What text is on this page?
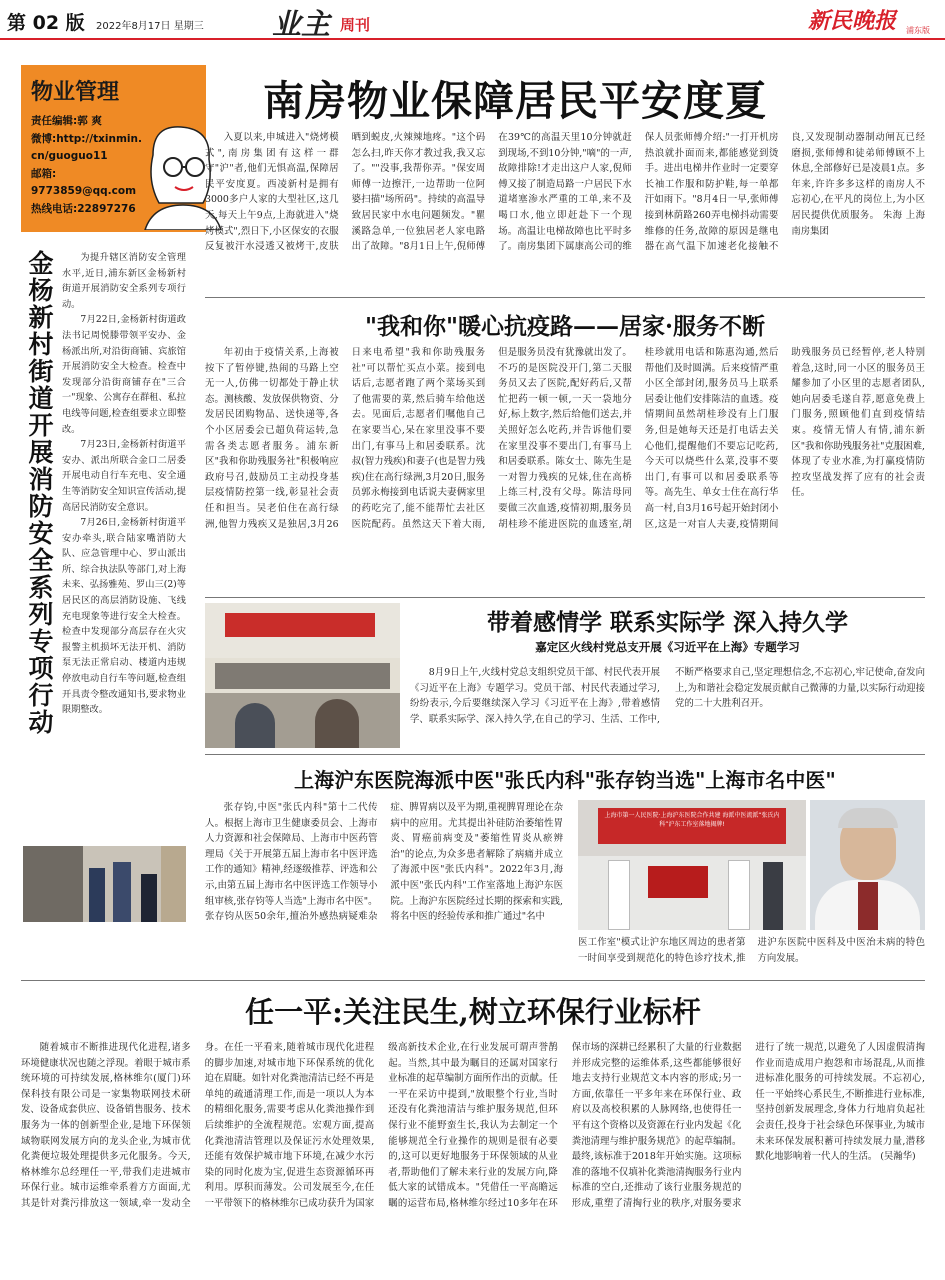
第 02 版 2022年8月17日 星期三 业主 周刊	新民晚报 浦东版
物业管理
责任编辑:郭 爽
微博:http://txinmin.
cn/guoguo11
邮箱:
9773859@qq.com
热线电话:22897276
金杨新村街道开展消防安全系列专项行动

为提升辖区消防安全管理水平,近日,浦东新区金杨新村街道开展消防安全系列专项行动。

7月22日,金杨新村街道政法书记周悦滕带领平安办、金杨派出所,对沿街商铺、宾旅馆开展消防安全大检查。检查中发现部分沿街商铺存在"三合一"现象、公寓存在群租、私拉电线等问题,检查组要求立即整改。

7月23日,金杨新村街道平安办、派出所联合金口二居委开展电动自行车充电、安全通生等消防安全知识宣传活动,提高居民消防安全意识。

7月26日,金杨新村街道平安办牵头,联合陆家嘴消防大队、应急管理中心、罗山派出所、综合执法队等部门,对上海未来、弘扬雅苑、罗山三(2)等居民区的高层消防设施、飞线充电现象等进行安全大检查。检查中发现部分高层存在火灾报警主机损坏无法开机、消防泵无法正常启动、楼道内违规停放电动自行车等问题,检查组开具责令整改通知书,要求物业限期整改。

南房物业保障居民平安度夏
入夏以来,申城进入"烧烤模式",南房集团有这样一群守"沪"者,他们无惧高温,保障居民平安度夏。西凌新村是拥有3000多户人家的大型社区,这几天,每天上午9点,上海就进入"烧烤模式",烈日下,小区保安的衣服反复被汗水浸透又被烤干,皮肤晒到蜕皮,火辣辣地疼。"这个码怎么扫,昨天你才教过我,我又忘了。""没事,我帮你弄。"保安周师傅一边擦汗,一边帮助一位阿婆扫描"场所码"。持续的高温导致居民家中水电问题频发。"瞿溪路急单,一位独居老人家电路出了故障。"8月1日上午,倪师傅在39℃的高温天里10分钟就赶到现场,不到10分钟,"嘀"的一声,故障排除!才走出这户人家,倪师傅又接了制造局路一户居民下水道堵塞渗水严重的工单,来不及喝口水,他立即赶赴下一个现场。高温让电梯故障也比平时多了。南房集团下属康高公司的维保人员张师傅介绍:"一打开机房热浪就扑面而来,都能感觉到烫手。进出电梯井作业时一定要穿长袖工作服和防护鞋,每一单都汗如雨下。"8月4日一早,张师傅接到林荫路260弄电梯抖动需要维修的任务,故障的原因是继电器在高气温下加速老化接触不良,又发现制动器制动闸瓦已经磨损,张师傅和徒弟师傅顾不上休息,全部修好已是凌晨1点。多年来,许许多多这样的南房人不忘初心,在平凡的岗位上,为小区居民提供优质服务。 朱海 上海南房集团
"我和你"暖心抗疫路——居家·服务不断
年初由于疫情关系,上海被按下了暂停键,热闹的马路上空无一人,仿佛一切都处于静止状态。测核酸、发放保供物资、分发居民团购物品、送快递等,各个小区居委会已超负荷运转,急需各类志愿者服务。浦东新区"我和你助残服务社"积极响应政府号召,鼓励员工主动投身基层疫情防控第一线,彰显社会责任和担当。吴老伯住在高行绿洲,他智力残疾又是独居,3月26日来电希望"我和你助残服务社"可以帮忙买点小菜。接到电话后,志愿者跑了两个菜场买到了他需要的菜,然后骑车给他送去。见面后,志愿者们嘱他自己在家要当心,呆在家里没事不要出门,有事马上和居委联系。沈叔(智力残疾)和妻子(也是智力残疾)住在高行绿洲,3月20日,服务员郭永梅接到电话说夫妻俩家里的药吃完了,能不能帮忙去社区医院配药。虽然这天下着大雨,但是服务员没有犹豫就出发了。不巧的是医院没开门,第二天服务员又去了医院,配好药后,又帮忙把药一顿一顿,一天一袋地分好,标上数字,然后给他们送去,并关照好怎么吃药,并告诉他们要在家里没事不要出门,有事马上和居委联系。陈女士、陈先生是一对智力残疾的兄妹,住在高桥上练三村,没有父母。陈洁母同要做三次血透,疫情初期,服务员胡桂珍不能进医院的血透室,胡桂珍就用电话和陈惠沟通,然后帮他们及时圆满。后来疫情严重小区全部封闭,服务员马上联系居委让他们安排陈洁的血透。疫情期间虽然胡桂珍没有上门服务,但是她每天还是打电话去关心他们,提醒他们不要忘记吃药,今天可以烧些什么菜,没事不要出门,有事可以和居委联系等等。高先生、单女士住在高行华高一村,自3月16号起开始封闭小区,这是一对盲人夫妻,疫情期间助残服务员已经暂停,老人特别着急,这时,同一小区的服务员王耀参加了小区里的志愿者团队,她向居委毛遂自荐,愿意免费上门服务,照顾他们直到疫情结束。疫情无情人有情,浦东新区"我和你助残服务社"克服困难,体现了专业水准,为打赢疫情防控攻坚战发挥了应有的社会责任。
带着感情学 联系实际学 深入持久学
嘉定区火线村党总支开展《习近平在上海》专题学习
8月9日上午,火线村党总支组织党员干部、村民代表开展《习近平在上海》专题学习。党员干部、村民代表通过学习,纷纷表示,今后要继续深入学习《习近平在上海》,带着感情学、联系实际学、深入持久学,在自己的学习、生活、工作中,不断严格要求自己,坚定理想信念,不忘初心,牢记使命,奋发向上,为和谐社会稳定发展贡献自己微薄的力量,以实际行动迎接党的二十大胜利召开。
上海沪东医院海派中医"张氏内科"张存钧当选"上海市名中医"
张存钧,中医"张氏内科"第十二代传人。根据上海市卫生健康委员会、上海市人力资源和社会保障局、上海市中医药管理局《关于开展第五届上海市名中医评选工作的通知》精神,经逐级推荐、评选和公示,由第五届上海市名中医评选工作领导小组审核,张存钧等人当选"上海市名中医"。张存钧从医50余年,擅治外感热病疑难杂症、脾胃病以及平为期,重视脾胃理论在杂病中的应用。尤其提出补硅防治萎缩性胃炎、胃癌前病变及"萎缩性胃炎从瘀辨治"的论点,为众多患者解除了病痛并成立了海派中医"张氏内科"。2022年3月,海派中医"张氏内科"工作室落地上海沪东医院。上海沪东医院经过长期的探索和实践,将名中医的经验传承和推广通过"名中
上海市第一人民医院·上海沪东医院合作共建 海派中医流派“张氏内科”沪东工作室落地揭牌!
医工作室"模式让沪东地区周边的患者第一时间享受到规范化的特色诊疗技术,推进沪东医院中医科及中医治未病的特色方向发展。
任一平:关注民生,树立环保行业标杆
随着城市不断推进现代化进程,诸多环境健康状况也随之浮现。着眼于城市系统环境的可持续发展,格林维尔(厦门)环保科技有限公司是一家集物联网技术研发、设备成套供应、设备销售服务、技术服务为一体的创新型企业,是地下环保领域物联网发展方向的龙头企业,为城市优化粪便垃圾处理提供多元化服务。今天,格林维尔总经理任一平,带我们走进城市环保行业。城市运维牵系着方方面面,尤其是针对粪污排放这一领域,牵一发动全身。在任一平看来,随着城市现代化进程的脚步加速,对城市地下环保系统的优化迫在眉睫。如针对化粪池清洁已经不再是单纯的疏通清理工作,而是一项以人为本的精细化服务,需要考虑从化粪池操作到后续维护的全流程规范。宏观方面,提高化粪池清洁管理以及保证污水处理效果,还能有效保护城市地下环境,在减少水污染的同时化废为宝,促进生态资源循环再利用。厚积而薄发。公司发展至今,在任一平带领下的格林维尔已成功获升为国家级高新技术企业,在行业发展可谓声誉鹊起。当然,其中最为瞩目的还属对国家行业标准的起草编制方面所作出的贡献。任一平在采访中提到,"放眼整个行业,当时还没有化粪池清洁与维护服务规范,但环保行业不能野蛮生长,我认为去制定一个能够规范全行业操作的规则是很有必要的,这可以更好地服务于环保领域的从业者,帮助他们了解未来行业的发展方向,降低大家的试错成本。"凭借任一平高瞻远瞩的运营布局,格林维尔经过10多年在环保市场的深耕已经累积了大量的行业数据并形成完整的运维体系,这些都能够很好地去支持行业规范文本内容的形成;另一方面,依靠任一平多年来在环保行业、政府以及高校积累的人脉网络,也使得任一平有这个资格以及资源在行业内发起《化粪池清理与维护服务规范》的起草编制。最终,该标准于2018年开始实施。这项标准的落地不仅填补化粪池清掏服务行业内标准的空白,还推动了该行业服务规范的形成,重塑了清掏行业的秩序,对服务要求进行了统一规范,以避免了人因虚假清掏作业而造成用户抱怨和市场混乱,从而推进标准化服务的可持续发展。不忘初心,任一平始终心系民生,不断推进行业标准,坚持创新发展理念,身体力行地肩负起社会责任,投身于社会绿色环保事业,为城市未来环保发展积蓄可持续发展力量,潜移默化地影响着一代人的生活。 (吴瀚华)
